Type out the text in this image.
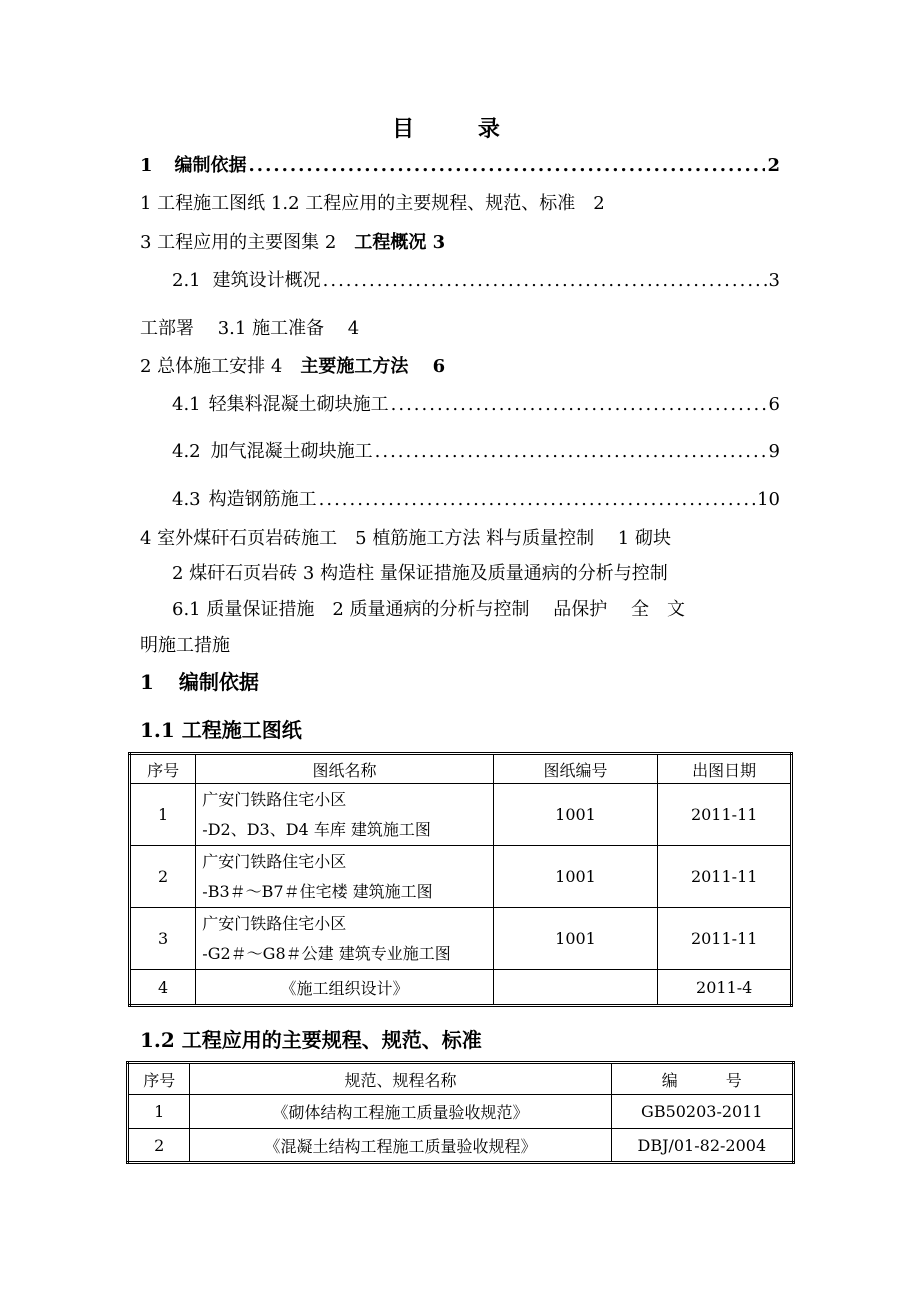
目 录
1 编制依据 .....	2
1 工程施工图纸 1.2 工程应用的主要规程、规范、标准　2
3 工程应用的主要图集 2　工程概况 3
2.1 建筑设计概况 .....	3
工部署　 3.1 施工准备　 4
2 总体施工安排 4　主要施工方法　 6
4.1 轻集料混凝土砌块施工 .....	6
4.2 加气混凝土砌块施工 .....	9
4.3 构造钢筋施工 .....	10
4 室外煤矸石页岩砖施工　5 植筋施工方法 料与质量控制　 1 砌块
2 煤矸石页岩砖 3 构造柱 量保证措施及质量通病的分析与控制
6.1 质量保证措施　2 质量通病的分析与控制　 品保护　 全　文
明施工措施
1 编制依据
1.1 工程施工图纸
序号	图纸名称	图纸编号	出图日期
1	广安门铁路住宅小区
-D2、D3、D4 车库 建筑施工图	1001	2011-11
2	广安门铁路住宅小区
-B3＃～B7＃住宅楼 建筑施工图	1001	2011-11
3	广安门铁路住宅小区
-G2＃～G8＃公建 建筑专业施工图	1001	2011-11
4	《施工组织设计》		2011-4
1.2 工程应用的主要规程、规范、标准
序号	规范、规程名称	编　　　号
1	《砌体结构工程施工质量验收规范》	GB50203-2011
2	《混凝土结构工程施工质量验收规程》	DBJ/01-82-2004
